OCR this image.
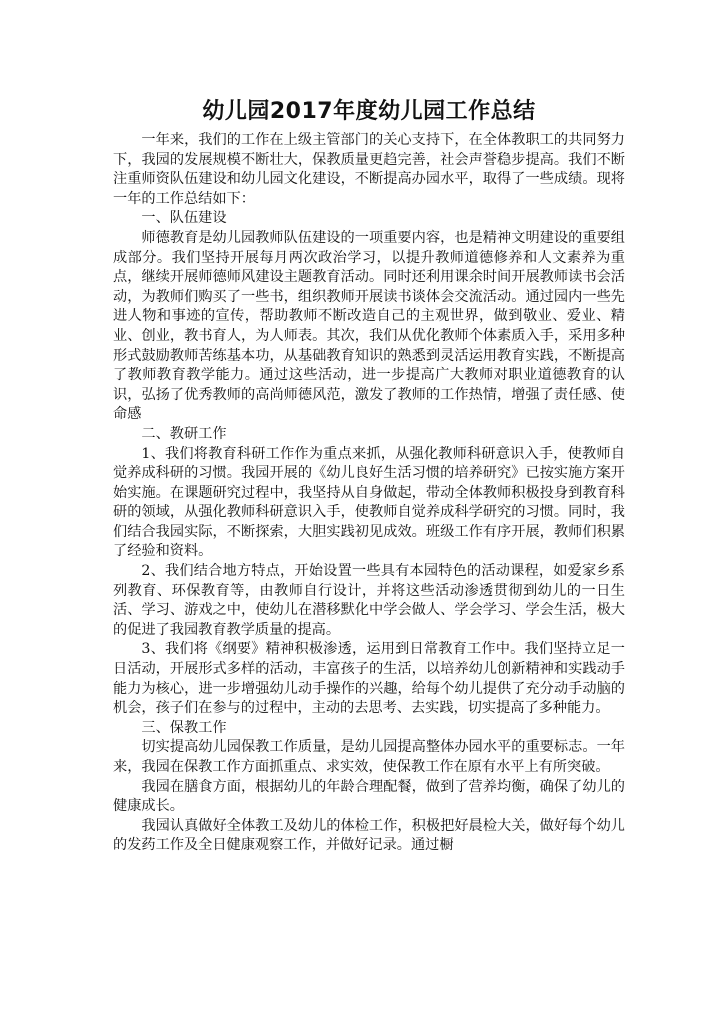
幼儿园2017年度幼儿园工作总结

一年来，我们的工作在上级主管部门的关心支持下，在全体教职工的共同努力下，我园的发展规模不断壮大，保教质量更趋完善，社会声誉稳步提高。我们不断注重师资队伍建设和幼儿园文化建设，不断提高办园水平，取得了一些成绩。现将一年的工作总结如下：

一、队伍建设

师德教育是幼儿园教师队伍建设的一项重要内容，也是精神文明建设的重要组成部分。我们坚持开展每月两次政治学习，以提升教师道德修养和人文素养为重点，继续开展师德师风建设主题教育活动。同时还利用课余时间开展教师读书会活动，为教师们购买了一些书，组织教师开展读书谈体会交流活动。通过园内一些先进人物和事迹的宣传，帮助教师不断改造自己的主观世界，做到敬业、爱业、精业、创业，教书育人，为人师表。其次，我们从优化教师个体素质入手，采用多种形式鼓励教师苦练基本功，从基础教育知识的熟悉到灵活运用教育实践，不断提高了教师教育教学能力。通过这些活动，进一步提高广大教师对职业道德教育的认识，弘扬了优秀教师的高尚师德风范，激发了教师的工作热情，增强了责任感、使命感

二、教研工作

1、我们将教育科研工作作为重点来抓，从强化教师科研意识入手，使教师自觉养成科研的习惯。我园开展的《幼儿良好生活习惯的培养研究》已按实施方案开始实施。在课题研究过程中，我坚持从自身做起，带动全体教师积极投身到教育科研的领域，从强化教师科研意识入手，使教师自觉养成科学研究的习惯。同时，我们结合我园实际，不断探索，大胆实践初见成效。班级工作有序开展，教师们积累了经验和资料。

2、我们结合地方特点，开始设置一些具有本园特色的活动课程，如爱家乡系列教育、环保教育等，由教师自行设计，并将这些活动渗透贯彻到幼儿的一日生活、学习、游戏之中，使幼儿在潜移默化中学会做人、学会学习、学会生活，极大的促进了我园教育教学质量的提高。

3、我们将《纲要》精神积极渗透，运用到日常教育工作中。我们坚持立足一日活动，开展形式多样的活动，丰富孩子的生活，以培养幼儿创新精神和实践动手能力为核心，进一步增强幼儿动手操作的兴趣，给每个幼儿提供了充分动手动脑的机会，孩子们在参与的过程中，主动的去思考、去实践，切实提高了多种能力。

三、保教工作

切实提高幼儿园保教工作质量，是幼儿园提高整体办园水平的重要标志。一年来，我园在保教工作方面抓重点、求实效，使保教工作在原有水平上有所突破。

我园在膳食方面，根据幼儿的年龄合理配餐，做到了营养均衡，确保了幼儿的健康成长。

我园认真做好全体教工及幼儿的体检工作，积极把好晨检大关，做好每个幼儿的发药工作及全日健康观察工作，并做好记录。通过橱
